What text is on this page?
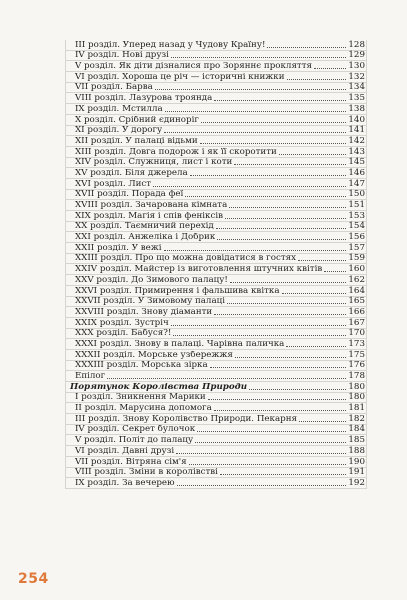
III розділ. Уперед назад у Чудову Країну!	128
IV розділ. Нові друзі	129
V розділ. Як діти дізналися про Зоряннє прокляття	130
VI розділ. Хороша це річ — історичні книжки	132
VII розділ. Барва	134
VIII розділ. Лазурова троянда	135
IX розділ. Мстилла	138
X розділ. Срібний єдиноріг	140
XI розділ. У дорогу	141
XII розділ. У палаці відьми	142
XIII розділ. Довга подорож і як її скоротити	143
XIV розділ. Служниця, лист і коти	145
XV розділ. Біля джерела	146
XVI розділ. Лист	147
XVII розділ. Порада феї	150
XVIII розділ. Зачарована кімната	151
XIX розділ. Магія і спів феніксів	153
XX розділ. Таємничий перехід	154
XXI розділ. Анжеліка і Добрик	156
XXII розділ. У вежі	157
XXIII розділ. Про що можна довідатися в гостях	159
XXIV розділ. Майстер із виготовлення штучних квітів	160
XXV розділ. До Зимового палацу!	162
XXVI розділ. Примирення і фальшива квітка	164
XXVII розділ. У Зимовому палаці	165
XXVIII розділ. Знову діаманти	166
XXIX розділ. Зустріч	167
XXX розділ. Бабуся?!	170
XXXI розділ. Знову в палаці. Чарівна паличка	173
XXXII розділ. Морське узбережжя	175
XXXIII розділ. Морська зірка	176
Епілог	178
Порятунок Королівства Природи	180
I розділ. Зникнення Марики	180
II розділ. Марусина допомога	181
III розділ. Знову Королівство Природи. Пекарня	182
IV розділ. Секрет булочок	184
V розділ. Політ до палацу	185
VI розділ. Давні друзі	188
VII розділ. Вітряна сім'я	190
VIII розділ. Зміни в королівстві	191
IX розділ. За вечерею	192
254
